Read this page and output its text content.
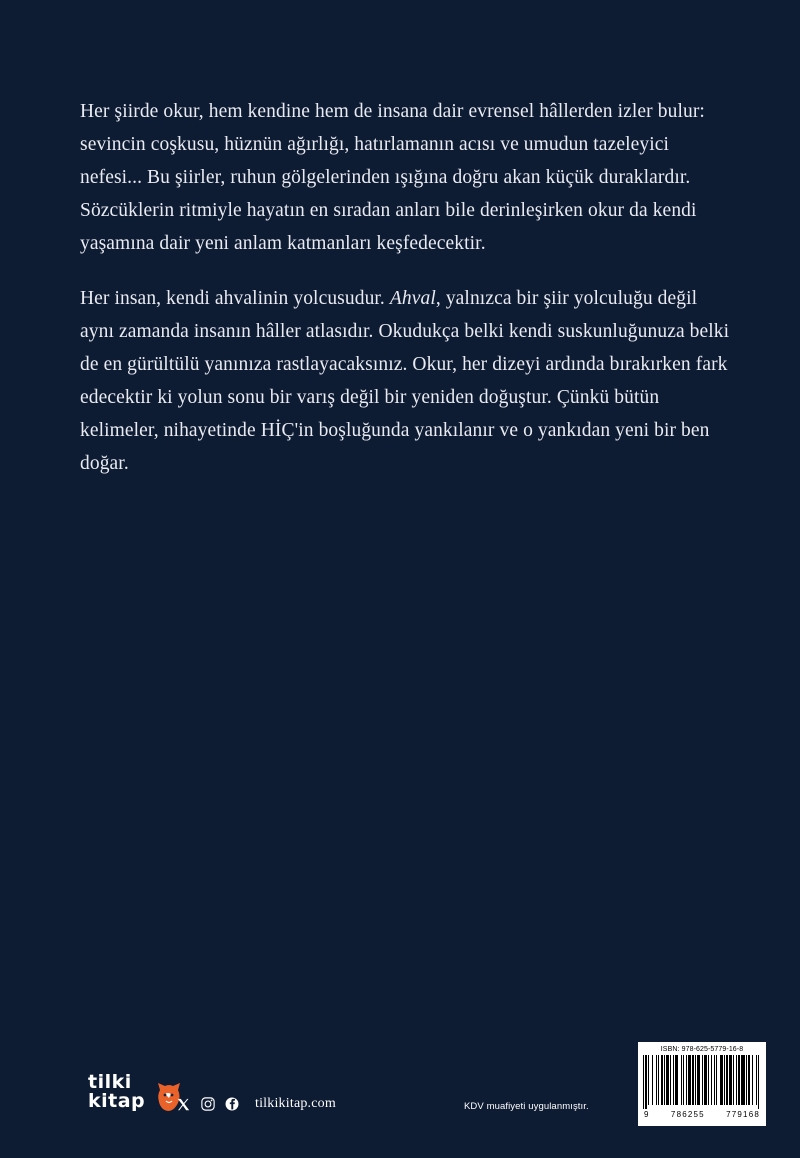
Her şiirde okur, hem kendine hem de insana dair evrensel hâllerden izler bulur: sevincin coşkusu, hüznün ağırlığı, hatırlamanın acısı ve umudun tazeleyici nefesi... Bu şiirler, ruhun gölgelerinden ışığına doğru akan küçük duraklardır. Sözcüklerin ritmiyle hayatın en sıradan anları bile derinleşirken okur da kendi yaşamına dair yeni anlam katmanları keşfedecektir.

Her insan, kendi ahvalinin yolcusudur. Ahval, yalnızca bir şiir yolculuğu değil aynı zamanda insanın hâller atlasıdır. Okudukça belki kendi suskunluğunuza belki de en gürültülü yanınıza rastlayacaksınız. Okur, her dizeyi ardında bırakırken fark edecektir ki yolun sonu bir varış değil bir yeniden doğuştur. Çünkü bütün kelimeler, nihayetinde HİÇ'in boşluğunda yankılanır ve o yankıdan yeni bir ben doğar.

tilki
kitap	tilkikitap.com	KDV muafiyeti uygulanmıştır.
ISBN: 978-625-5779-16-8
9	786255	779168
